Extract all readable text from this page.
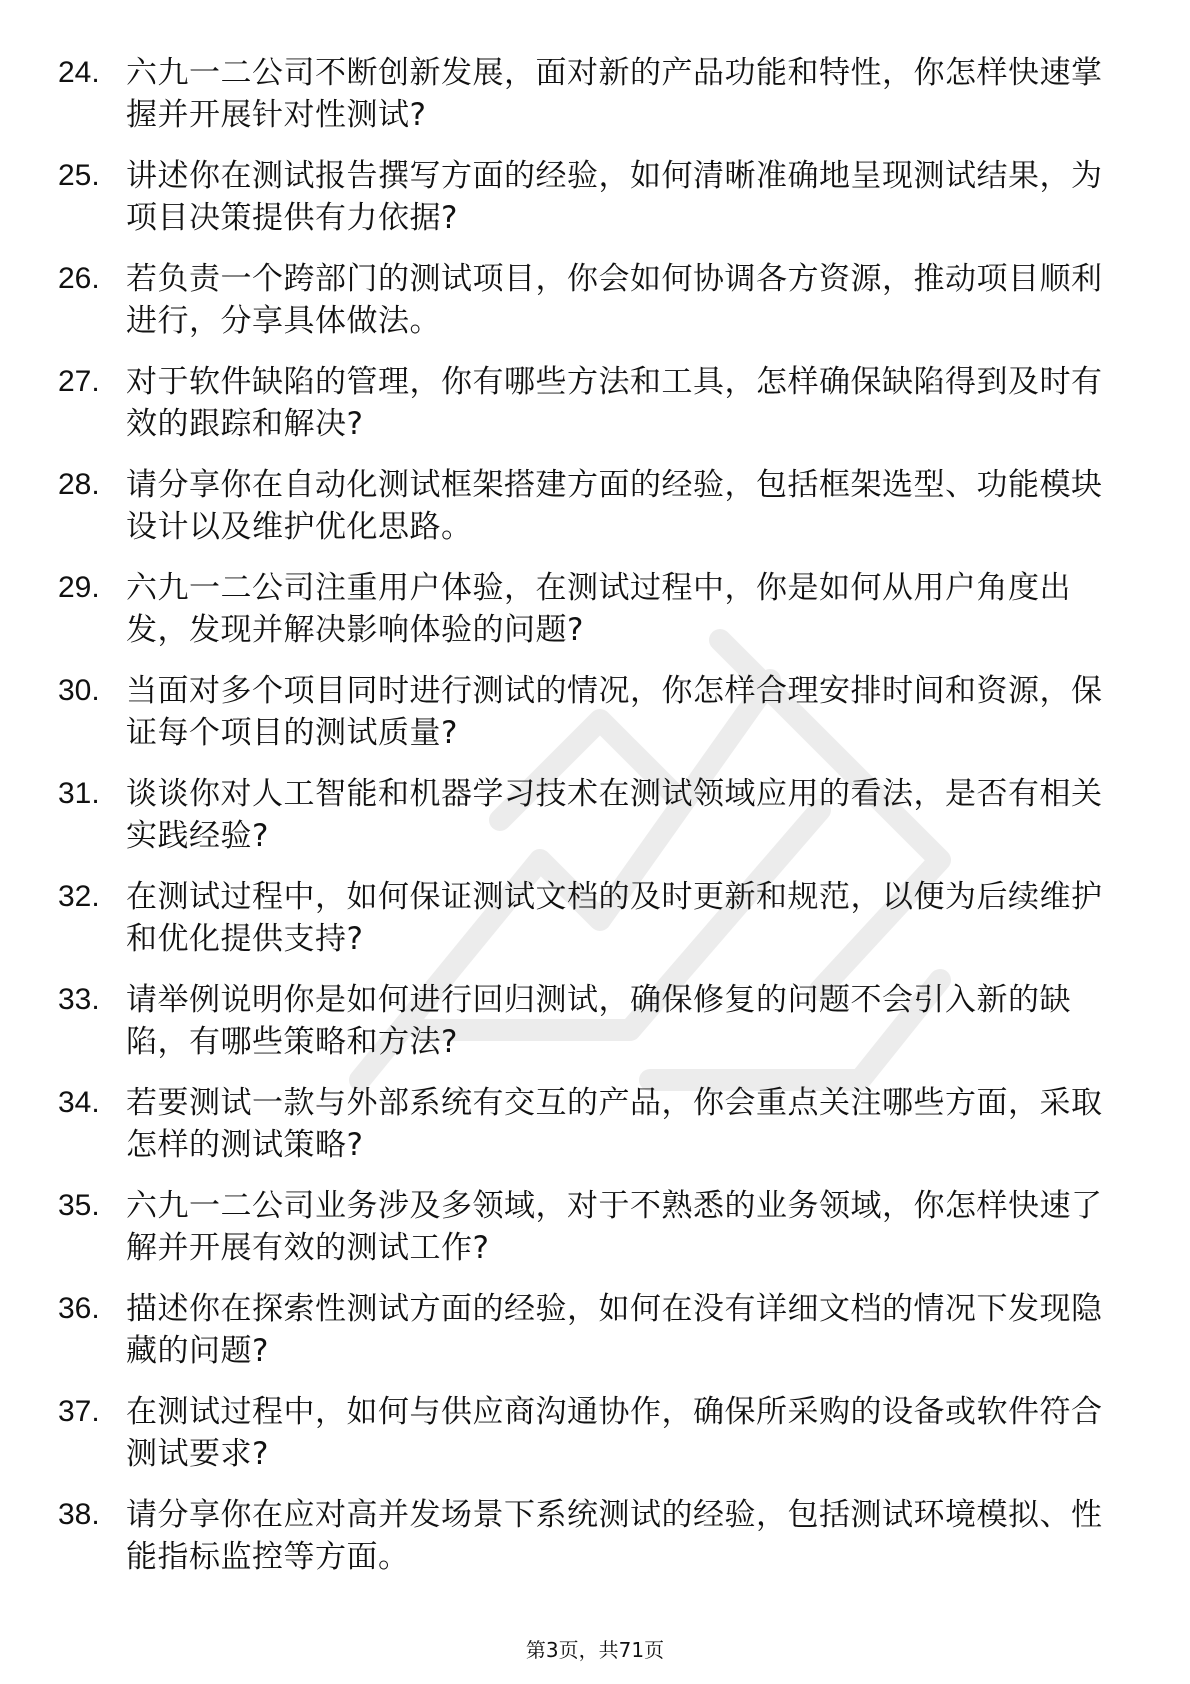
24. 六九一二公司不断创新发展，面对新的产品功能和特性，你怎样快速掌握并开展针对性测试?
25. 讲述你在测试报告撰写方面的经验，如何清晰准确地呈现测试结果，为项目决策提供有力依据?
26. 若负责一个跨部门的测试项目，你会如何协调各方资源，推动项目顺利进行，分享具体做法。
27. 对于软件缺陷的管理，你有哪些方法和工具，怎样确保缺陷得到及时有效的跟踪和解决?
28. 请分享你在自动化测试框架搭建方面的经验，包括框架选型、功能模块设计以及维护优化思路。
29. 六九一二公司注重用户体验，在测试过程中，你是如何从用户角度出发，发现并解决影响体验的问题?
30. 当面对多个项目同时进行测试的情况，你怎样合理安排时间和资源，保证每个项目的测试质量?
31. 谈谈你对人工智能和机器学习技术在测试领域应用的看法，是否有相关实践经验?
32. 在测试过程中，如何保证测试文档的及时更新和规范，以便为后续维护和优化提供支持?
33. 请举例说明你是如何进行回归测试，确保修复的问题不会引入新的缺陷，有哪些策略和方法?
34. 若要测试一款与外部系统有交互的产品，你会重点关注哪些方面，采取怎样的测试策略?
35. 六九一二公司业务涉及多领域，对于不熟悉的业务领域，你怎样快速了解并开展有效的测试工作?
36. 描述你在探索性测试方面的经验，如何在没有详细文档的情况下发现隐藏的问题?
37. 在测试过程中，如何与供应商沟通协作，确保所采购的设备或软件符合测试要求?
38. 请分享你在应对高并发场景下系统测试的经验，包括测试环境模拟、性能指标监控等方面。
第3页，共71页
